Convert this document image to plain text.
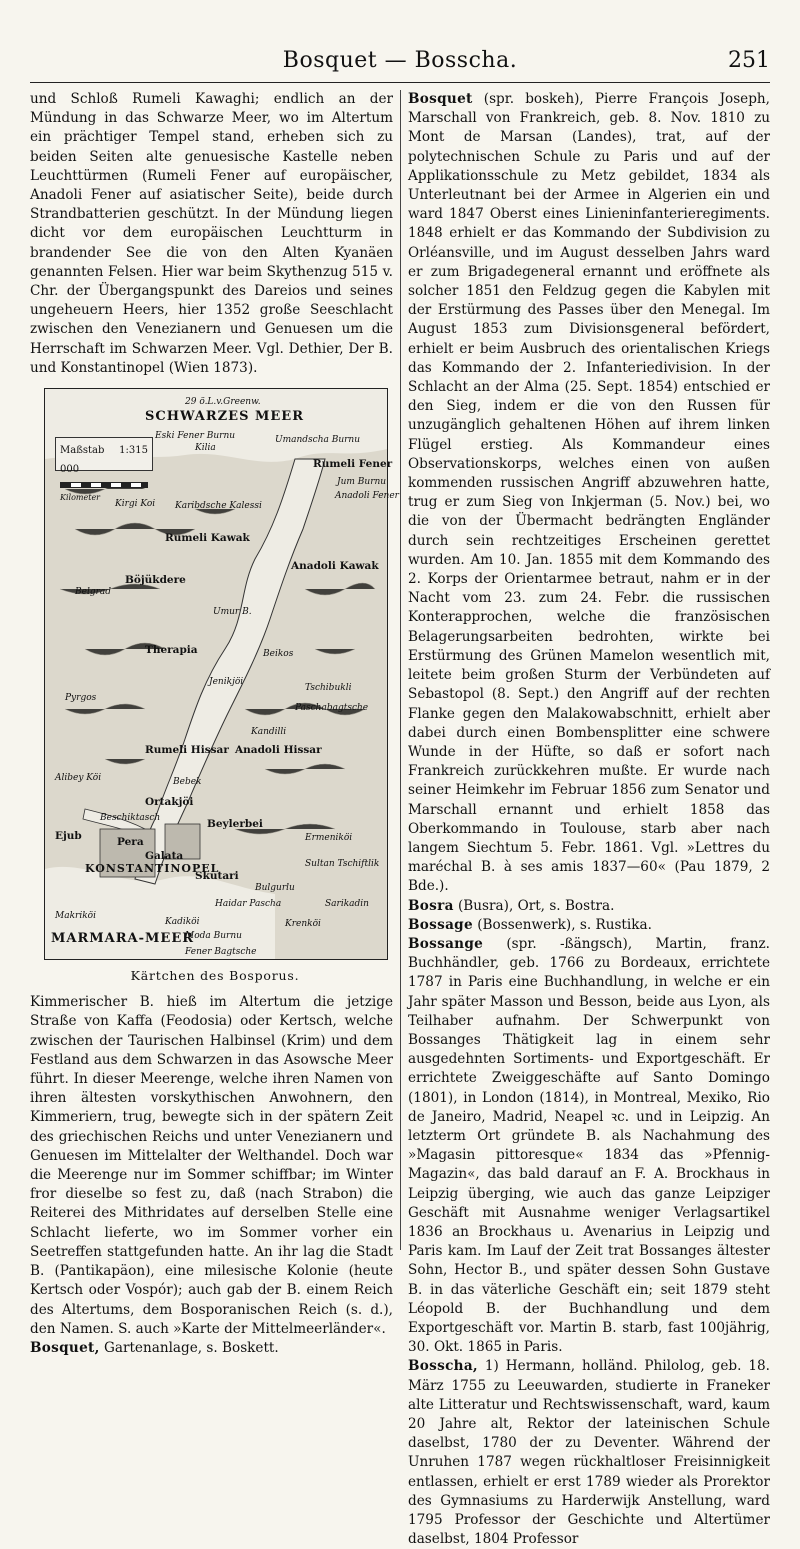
Bosquet — Bosscha.	251

und Schloß Rumeli Kawaghi; endlich an der Mündung in das Schwarze Meer, wo im Altertum ein prächtiger Tempel stand, erheben sich zu beiden Seiten alte genuesische Kastelle neben Leuchttürmen (Rumeli Fener auf europäischer, Anadoli Fener auf asiatischer Seite), beide durch Strandbatterien geschützt. In der Mündung liegen dicht vor dem europäischen Leuchtturm in brandender See die von den Alten Kyanäen genannten Felsen. Hier war beim Skythenzug 515 v. Chr. der Übergangspunkt des Dareios und seines ungeheuern Heers, hier 1352 große Seeschlacht zwischen den Venezianern und Genuesen um die Herrschaft im Schwarzen Meer. Vgl. Dethier, Der B. und Konstantinopel (Wien 1873).

29 ö.L.v.Greenw.
SCHWARZES MEER
Eski Fener Burnu
Kilia
Umandscha Burnu
Rumeli Fener
Jum Burnu
Anadoli Fener
Kirgi Koi Karibdsche Kalessi
Rumeli Kawak
Anadoli Kawak
Böjükdere
Belgrad
Umur B.
Therapia	Beikos
Jenikjöi
Tschibukli
Pyrgos
Paschabagtsche
Kandilli
Anadoli Hissar
Rumeli Hissar
Alibey Köi	Bebek
Ortakjöi
Beschiktasch	Beylerbei
Ejub	Pera
Galata
Skutari
KONSTANTINOPEL
Bulgurlu
Sultan Tschiftlik
Ermeniköi
Sarikadin
Haidar Pascha
Kadiköi	Krenköi
Makriköi
Moda Burnu
MARMARA-MEER
Fener Bagtsche
Maßstab 1:315 000
Kilometer
Kärtchen des Bosporus.

Kimmerischer B. hieß im Altertum die jetzige Straße von Kaffa (Feodosia) oder Kertsch, welche zwischen der Taurischen Halbinsel (Krim) und dem Festland aus dem Schwarzen in das Asowsche Meer führt. In dieser Meerenge, welche ihren Namen von ihren ältesten vorskythischen Anwohnern, den Kimmeriern, trug, bewegte sich in der spätern Zeit des griechischen Reichs und unter Venezianern und Genuesen im Mittelalter der Welthandel. Doch war die Meerenge nur im Sommer schiffbar; im Winter fror dieselbe so fest zu, daß (nach Strabon) die Reiterei des Mithridates auf derselben Stelle eine Schlacht lieferte, wo im Sommer vorher ein Seetreffen stattgefunden hatte. An ihr lag die Stadt B. (Pantikapäon), eine milesische Kolonie (heute Kertsch oder Vospór); auch gab der B. einem Reich des Altertums, dem Bosporanischen Reich (s. d.), den Namen. S. auch »Karte der Mittelmeerländer«.

Bosquet, Gartenanlage, s. Boskett.

Bosquet (spr. boskeh), Pierre François Joseph, Marschall von Frankreich, geb. 8. Nov. 1810 zu Mont de Marsan (Landes), trat, auf der polytechnischen Schule zu Paris und auf der Applikationsschule zu Metz gebildet, 1834 als Unterleutnant bei der Armee in Algerien ein und ward 1847 Oberst eines Linieninfanterieregiments. 1848 erhielt er das Kommando der Subdivision zu Orléansville, und im August desselben Jahrs ward er zum Brigadegeneral ernannt und eröffnete als solcher 1851 den Feldzug gegen die Kabylen mit der Erstürmung des Passes über den Menegal. Im August 1853 zum Divisionsgeneral befördert, erhielt er beim Ausbruch des orientalischen Kriegs das Kommando der 2. Infanteriedivision. In der Schlacht an der Alma (25. Sept. 1854) entschied er den Sieg, indem er die von den Russen für unzugänglich gehaltenen Höhen auf ihrem linken Flügel erstieg. Als Kommandeur eines Observationskorps, welches einen von außen kommenden russischen Angriff abzuwehren hatte, trug er zum Sieg von Inkjerman (5. Nov.) bei, wo die von der Übermacht bedrängten Engländer durch sein rechtzeitiges Erscheinen gerettet wurden. Am 10. Jan. 1855 mit dem Kommando des 2. Korps der Orientarmee betraut, nahm er in der Nacht vom 23. zum 24. Febr. die russischen Konterapprochen, welche die französischen Belagerungsarbeiten bedrohten, wirkte bei Erstürmung des Grünen Mamelon wesentlich mit, leitete beim großen Sturm der Verbündeten auf Sebastopol (8. Sept.) den Angriff auf der rechten Flanke gegen den Malakowabschnitt, erhielt aber dabei durch einen Bombensplitter eine schwere Wunde in der Hüfte, so daß er sofort nach Frankreich zurückkehren mußte. Er wurde nach seiner Heimkehr im Februar 1856 zum Senator und Marschall ernannt und erhielt 1858 das Oberkommando in Toulouse, starb aber nach langem Siechtum 5. Febr. 1861. Vgl. »Lettres du maréchal B. à ses amis 1837—60« (Pau 1879, 2 Bde.).

Bosra (Busra), Ort, s. Bostra.

Bossage (Bossenwerk), s. Rustika.

Bossange (spr. -ßängsch), Martin, franz. Buchhändler, geb. 1766 zu Bordeaux, errichtete 1787 in Paris eine Buchhandlung, in welche er ein Jahr später Masson und Besson, beide aus Lyon, als Teilhaber aufnahm. Der Schwerpunkt von Bossanges Thätigkeit lag in einem sehr ausgedehnten Sortiments- und Exportgeschäft. Er errichtete Zweiggeschäfte auf Santo Domingo (1801), in London (1814), in Montreal, Mexiko, Rio de Janeiro, Madrid, Neapel ꝛc. und in Leipzig. An letzterm Ort gründete B. als Nachahmung des »Magasin pittoresque« 1834 das »Pfennig-Magazin«, das bald darauf an F. A. Brockhaus in Leipzig überging, wie auch das ganze Leipziger Geschäft mit Ausnahme weniger Verlagsartikel 1836 an Brockhaus u. Avenarius in Leipzig und Paris kam. Im Lauf der Zeit trat Bossanges ältester Sohn, Hector B., und später dessen Sohn Gustave B. in das väterliche Geschäft ein; seit 1879 steht Léopold B. der Buchhandlung und dem Exportgeschäft vor. Martin B. starb, fast 100jährig, 30. Okt. 1865 in Paris.

Bosscha, 1) Hermann, holländ. Philolog, geb. 18. März 1755 zu Leeuwarden, studierte in Franeker alte Litteratur und Rechtswissenschaft, ward, kaum 20 Jahre alt, Rektor der lateinischen Schule daselbst, 1780 der zu Deventer. Während der Unruhen 1787 wegen rückhaltloser Freisinnigkeit entlassen, erhielt er erst 1789 wieder als Prorektor des Gymnasiums zu Harderwijk Anstellung, ward 1795 Professor der Geschichte und Altertümer daselbst, 1804 Professor
